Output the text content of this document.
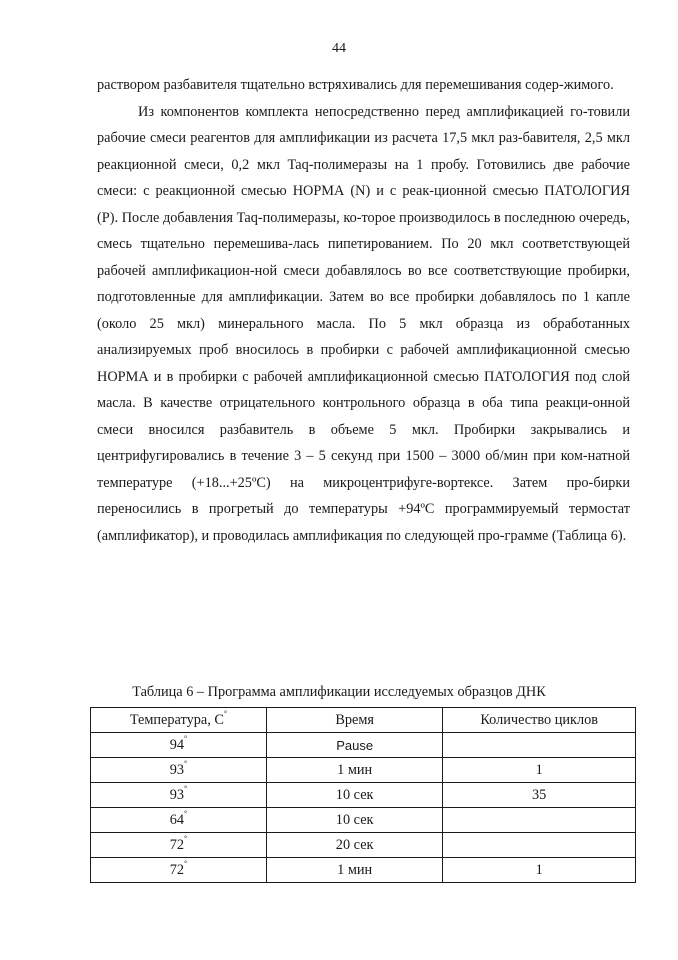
44

раствором разбавителя тщательно встряхивались для перемешивания содер-жимого.

Из компонентов комплекта непосредственно перед амплификацией го-товили рабочие смеси реагентов для амплификации из расчета 17,5 мкл раз-бавителя, 2,5 мкл реакционной смеси, 0,2 мкл Taq-полимеразы на 1 пробу. Готовились две рабочие смеси: с реакционной смесью НОРМА (N) и с реак-ционной смесью ПАТОЛОГИЯ (P). После добавления Taq-полимеразы, ко-торое производилось в последнюю очередь, смесь тщательно перемешива-лась пипетированием. По 20 мкл соответствующей рабочей амплификацион-ной смеси добавлялось во все соответствующие пробирки, подготовленные для амплификации. Затем во все пробирки добавлялось по 1 капле (около 25 мкл) минерального масла. По 5 мкл образца из обработанных анализируемых проб вносилось в пробирки с рабочей амплификационной смесью НОРМА и в пробирки с рабочей амплификационной смесью ПАТОЛОГИЯ под слой масла. В качестве отрицательного контрольного образца в оба типа реакци-онной смеси вносился разбавитель в объеме 5 мкл. Пробирки закрывались и центрифугировались в течение 3 – 5 секунд при 1500 – 3000 об/мин при ком-натной температуре (+18...+25ºС) на микроцентрифуге-вортексе. Затем про-бирки переносились в прогретый до температуры +94ºС программируемый термостат (амплификатор), и проводилась амплификация по следующей про-грамме (Таблица 6).

Таблица 6 – Программа амплификации исследуемых образцов ДНК
Температура, С°	Время	Количество циклов
94°	Pause	
93°	1 мин	1
93°	10 сек	35
64°	10 сек	
72°	20 сек	
72°	1 мин	1
